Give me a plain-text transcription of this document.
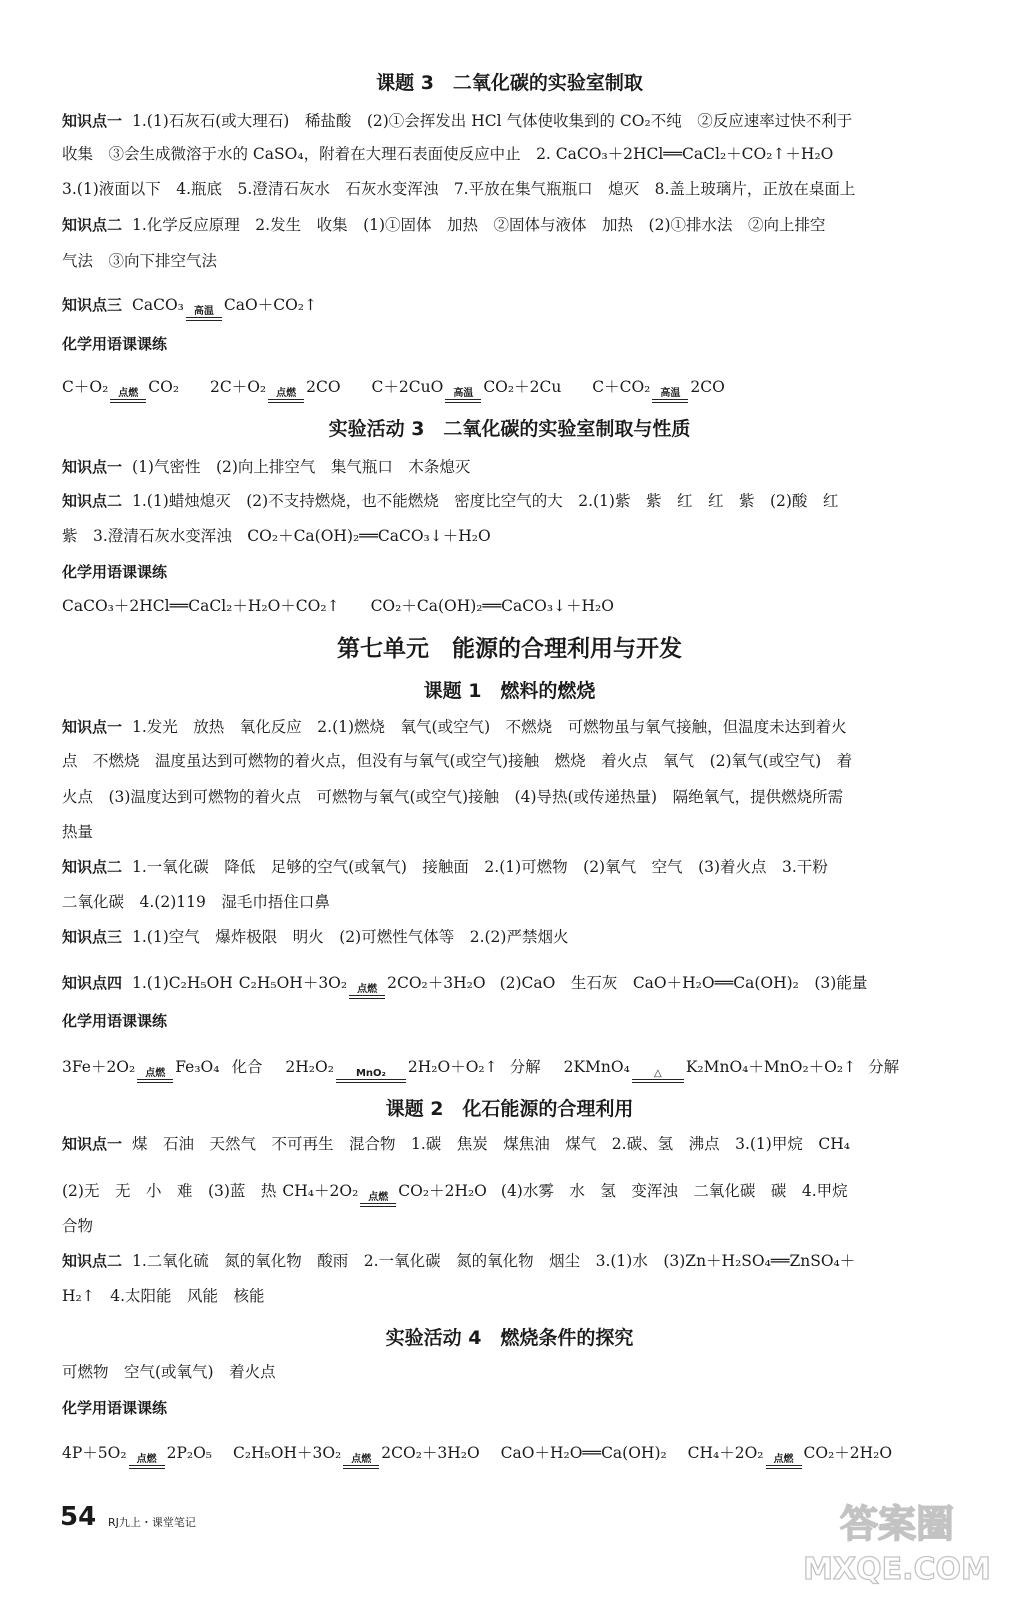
课题 3　二氧化碳的实验室制取
知识点一 1.(1)石灰石(或大理石)　稀盐酸　(2)①会挥发出 HCl 气体使收集到的 CO₂不纯　②反应速率过快不利于
收集　③会生成微溶于水的 CaSO₄，附着在大理石表面使反应中止　2. CaCO₃＋2HCl══CaCl₂＋CO₂↑＋H₂O
3.(1)液面以下　4.瓶底　5.澄清石灰水　石灰水变浑浊　7.平放在集气瓶瓶口　熄灭　8.盖上玻璃片，正放在桌面上
知识点二 1.化学反应原理　2.发生　收集　(1)①固体　加热　②固体与液体　加热　(2)①排水法　②向上排空
气法　③向下排空气法
知识点三 CaCO₃ 高温 CaO＋CO₂↑
化学用语课课练
C＋O₂ 点燃 CO₂ 2C＋O₂ 点燃 2CO C＋2CuO 高温 CO₂＋2Cu C＋CO₂ 高温 2CO
实验活动 3　二氧化碳的实验室制取与性质
知识点一 (1)气密性　(2)向上排空气　集气瓶口　木条熄灭
知识点二 1.(1)蜡烛熄灭　(2)不支持燃烧，也不能燃烧　密度比空气的大　2.(1)紫　紫　红　红　紫　(2)酸　红
紫　3.澄清石灰水变浑浊　CO₂＋Ca(OH)₂══CaCO₃↓＋H₂O
化学用语课课练
CaCO₃＋2HCl══CaCl₂＋H₂O＋CO₂↑　　CO₂＋Ca(OH)₂══CaCO₃↓＋H₂O
第七单元　能源的合理利用与开发
课题 1　燃料的燃烧
知识点一 1.发光　放热　氧化反应　2.(1)燃烧　氧气(或空气)　不燃烧　可燃物虽与氧气接触，但温度未达到着火
点　不燃烧　温度虽达到可燃物的着火点，但没有与氧气(或空气)接触　燃烧　着火点　氧气　(2)氧气(或空气)　着
火点　(3)温度达到可燃物的着火点　可燃物与氧气(或空气)接触　(4)导热(或传递热量)　隔绝氧气，提供燃烧所需
热量
知识点二 1.一氧化碳　降低　足够的空气(或氧气)　接触面　2.(1)可燃物　(2)氧气　空气　(3)着火点　3.干粉
二氧化碳　4.(2)119　湿毛巾捂住口鼻
知识点三 1.(1)空气　爆炸极限　明火　(2)可燃性气体等　2.(2)严禁烟火
知识点四 1.(1)C₂H₅OH C₂H₅OH＋3O₂ 点燃 2CO₂＋3H₂O (2)CaO　生石灰　CaO＋H₂O══Ca(OH)₂　(3)能量
化学用语课课练
3Fe＋2O₂ 点燃 Fe₃O₄ 化合 2H₂O₂ MnO₂ 2H₂O＋O₂↑ 分解 2KMnO₄ △ K₂MnO₄＋MnO₂＋O₂↑ 分解
课题 2　化石能源的合理利用
知识点一 煤　石油　天然气　不可再生　混合物　1.碳　焦炭　煤焦油　煤气　2.碳、氢　沸点　3.(1)甲烷　CH₄
(2)无　无　小　难　(3)蓝　热 CH₄＋2O₂ 点燃 CO₂＋2H₂O (4)水雾　水　氢　变浑浊　二氧化碳　碳　4.甲烷
合物
知识点二 1.二氧化硫　氮的氧化物　酸雨　2.一氧化碳　氮的氧化物　烟尘　3.(1)水　(3)Zn＋H₂SO₄══ZnSO₄＋
H₂↑　4.太阳能　风能　核能
实验活动 4　燃烧条件的探究
可燃物　空气(或氧气)　着火点
化学用语课课练
4P＋5O₂ 点燃 2P₂O₅ C₂H₅OH＋3O₂ 点燃 2CO₂＋3H₂O CaO＋H₂O══Ca(OH)₂ CH₄＋2O₂ 点燃 CO₂＋2H₂O
54 RJ九上・课堂笔记	答案圈
MXQE.COM
